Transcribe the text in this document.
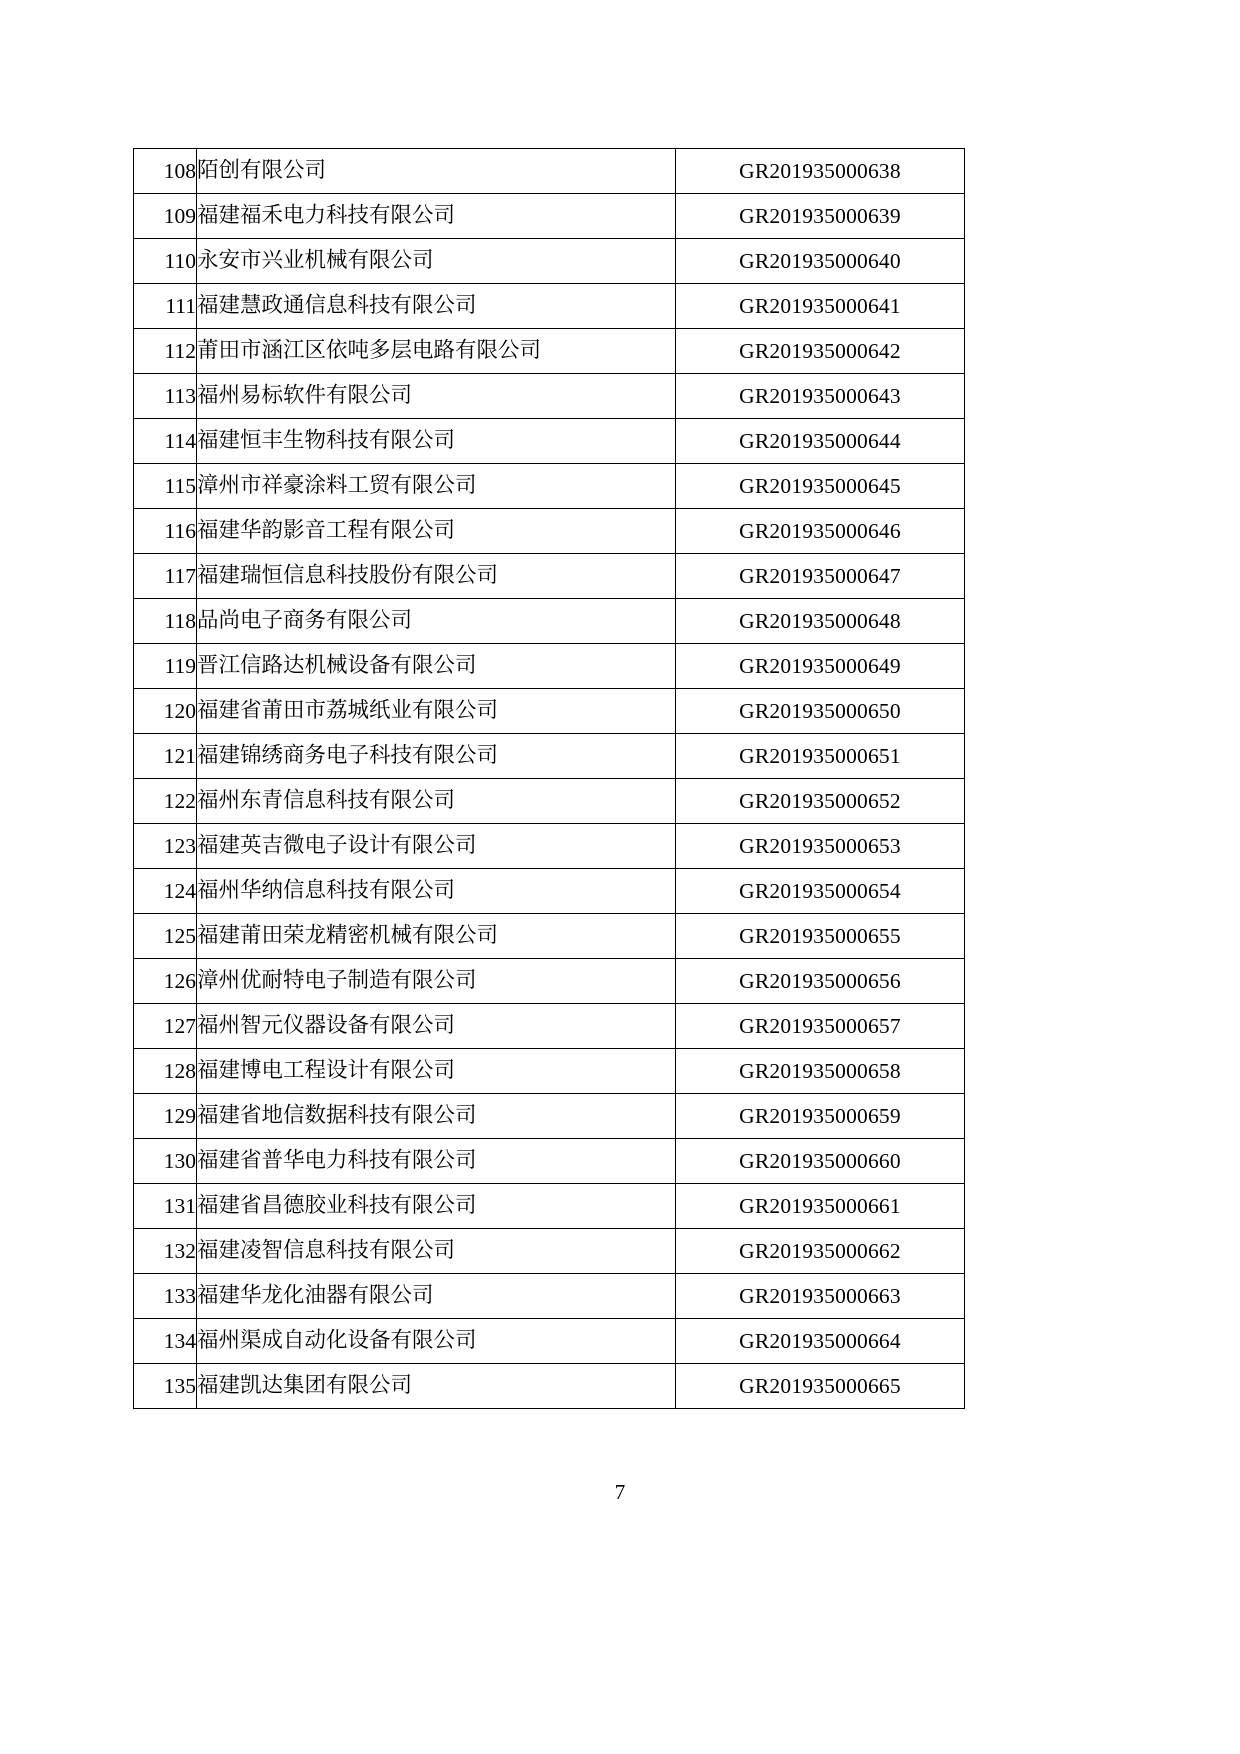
108	陌创有限公司	GR201935000638
109	福建福禾电力科技有限公司	GR201935000639
110	永安市兴业机械有限公司	GR201935000640
111	福建慧政通信息科技有限公司	GR201935000641
112	莆田市涵江区依吨多层电路有限公司	GR201935000642
113	福州易标软件有限公司	GR201935000643
114	福建恒丰生物科技有限公司	GR201935000644
115	漳州市祥豪涂料工贸有限公司	GR201935000645
116	福建华韵影音工程有限公司	GR201935000646
117	福建瑞恒信息科技股份有限公司	GR201935000647
118	品尚电子商务有限公司	GR201935000648
119	晋江信路达机械设备有限公司	GR201935000649
120	福建省莆田市荔城纸业有限公司	GR201935000650
121	福建锦绣商务电子科技有限公司	GR201935000651
122	福州东青信息科技有限公司	GR201935000652
123	福建英吉微电子设计有限公司	GR201935000653
124	福州华纳信息科技有限公司	GR201935000654
125	福建莆田荣龙精密机械有限公司	GR201935000655
126	漳州优耐特电子制造有限公司	GR201935000656
127	福州智元仪器设备有限公司	GR201935000657
128	福建博电工程设计有限公司	GR201935000658
129	福建省地信数据科技有限公司	GR201935000659
130	福建省普华电力科技有限公司	GR201935000660
131	福建省昌德胶业科技有限公司	GR201935000661
132	福建凌智信息科技有限公司	GR201935000662
133	福建华龙化油器有限公司	GR201935000663
134	福州渠成自动化设备有限公司	GR201935000664
135	福建凯达集团有限公司	GR201935000665
7
